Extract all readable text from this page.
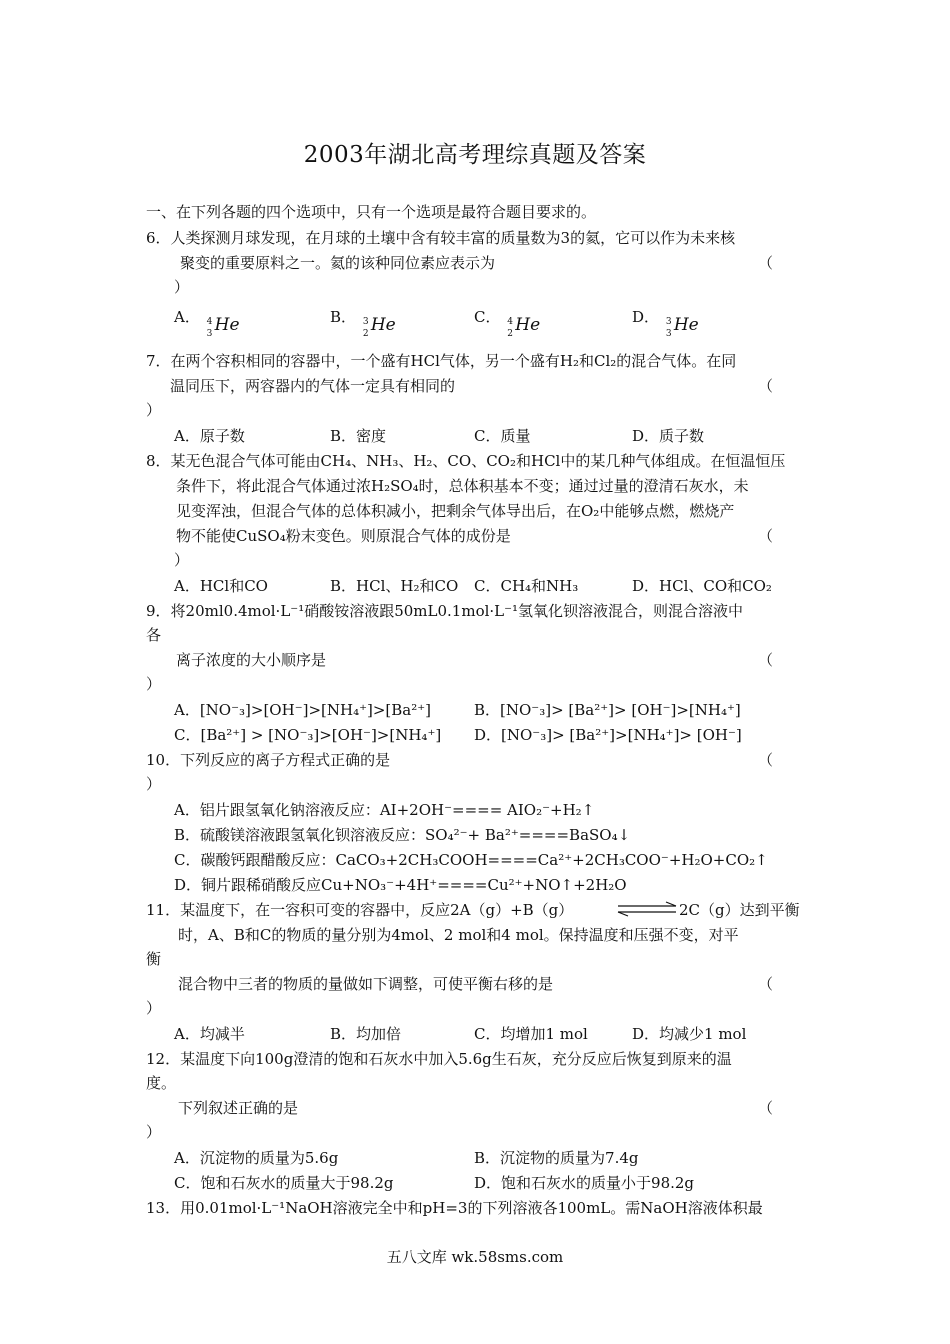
2003年湖北高考理综真题及答案
一、在下列各题的四个选项中，只有一个选项是最符合题目要求的。
6．人类探测月球发现，在月球的土壤中含有较丰富的质量数为3的氦，它可以作为未来核
聚变的重要原料之一。氦的该种同位素应表示为	（
）
A． 4
3 He	B． 3
2 He	C． 4
2 He	D． 3
3 He
7．在两个容积相同的容器中，一个盛有HCl气体，另一个盛有H₂和Cl₂的混合气体。在同
温同压下，两容器内的气体一定具有相同的	（
）
A．原子数	B．密度	C．质量	D．质子数
8．某无色混合气体可能由CH₄、NH₃、H₂、CO、CO₂和HCl中的某几种气体组成。在恒温恒压
条件下，将此混合气体通过浓H₂SO₄时，总体积基本不变；通过过量的澄清石灰水，未
见变浑浊，但混合气体的总体积减小，把剩余气体导出后，在O₂中能够点燃，燃烧产
物不能使CuSO₄粉末变色。则原混合气体的成份是	（
）
A．HCl和CO	B．HCl、H₂和CO C．CH₄和NH₃	D．HCl、CO和CO₂
9．将20ml0.4mol·L⁻¹硝酸铵溶液跟50mL0.1mol·L⁻¹氢氧化钡溶液混合，则混合溶液中
各
离子浓度的大小顺序是	（
）
A．[NO⁻₃]>[OH⁻]>[NH₄⁺]>[Ba²⁺]	B．[NO⁻₃]> [Ba²⁺]> [OH⁻]>[NH₄⁺]
C．[Ba²⁺] > [NO⁻₃]>[OH⁻]>[NH₄⁺] D．[NO⁻₃]> [Ba²⁺]>[NH₄⁺]> [OH⁻]
10．下列反应的离子方程式正确的是	（
）
A．铝片跟氢氧化钠溶液反应：AI+2OH⁻==== AIO₂⁻+H₂↑
B．硫酸镁溶液跟氢氧化钡溶液反应：SO₄²⁻+ Ba²⁺====BaSO₄↓
C．碳酸钙跟醋酸反应：CaCO₃+2CH₃COOH====Ca²⁺+2CH₃COO⁻+H₂O+CO₂↑
D．铜片跟稀硝酸反应Cu+NO₃⁻+4H⁺====Cu²⁺+NO↑+2H₂O
11．某温度下，在一容积可变的容器中，反应2A（g）+B（g）	2C（g）达到平衡
时，A、B和C的物质的量分别为4mol、2 mol和4 mol。保持温度和压强不变，对平
衡
混合物中三者的物质的量做如下调整，可使平衡右移的是	（
）
A．均减半	B．均加倍	C．均增加1 mol	D．均减少1 mol
12．某温度下向100g澄清的饱和石灰水中加入5.6g生石灰，充分反应后恢复到原来的温
度。
下列叙述正确的是	（
）
A．沉淀物的质量为5.6g	B．沉淀物的质量为7.4g
C．饱和石灰水的质量大于98.2g	D．饱和石灰水的质量小于98.2g
13．用0.01mol·L⁻¹NaOH溶液完全中和pH=3的下列溶液各100mL。需NaOH溶液体积最
五八文库 wk.58sms.com
